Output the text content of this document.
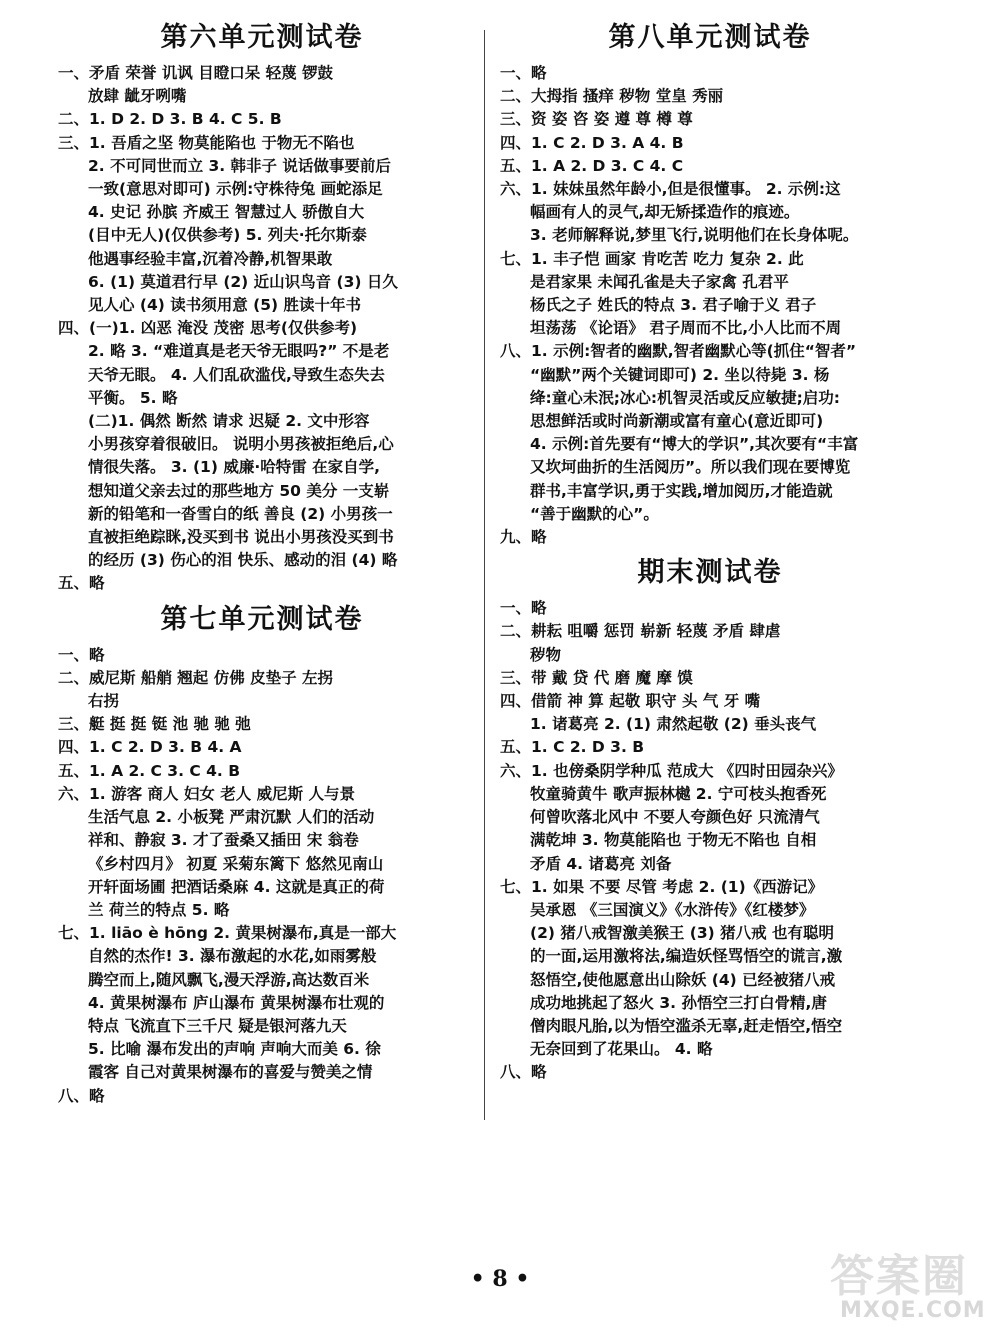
第六单元测试卷
一、矛盾 荣誉 讥讽 目瞪口呆 轻蔑 锣鼓
放肆 龇牙咧嘴
二、1. D 2. D 3. B 4. C 5. B
三、1. 吾盾之坚 物莫能陷也 于物无不陷也
2. 不可同世而立 3. 韩非子 说话做事要前后
一致(意思对即可) 示例:守株待兔 画蛇添足
4. 史记 孙膑 齐威王 智慧过人 骄傲自大
(目中无人)(仅供参考) 5. 列夫·托尔斯泰
他遇事经验丰富,沉着冷静,机智果敢
6. (1) 莫道君行早 (2) 近山识鸟音 (3) 日久
见人心 (4) 读书须用意 (5) 胜读十年书
四、(一)1. 凶恶 淹没 茂密 思考(仅供参考)
2. 略 3. “难道真是老天爷无眼吗?” 不是老
天爷无眼。 4. 人们乱砍滥伐,导致生态失去
平衡。 5. 略
(二)1. 偶然 断然 请求 迟疑 2. 文中形容
小男孩穿着很破旧。 说明小男孩被拒绝后,心
情很失落。 3. (1) 威廉·哈特雷 在家自学,
想知道父亲去过的那些地方 50 美分 一支崭
新的铅笔和一沓雪白的纸 善良 (2) 小男孩一
直被拒绝踪眯,没买到书 说出小男孩没买到书
的经历 (3) 伤心的泪 快乐、感动的泪 (4) 略
五、略
第七单元测试卷
一、略
二、威尼斯 船艄 翘起 仿佛 皮垫子 左拐
右拐
三、艇 挺 挺 铤 池 驰 驰 弛
四、1. C 2. D 3. B 4. A
五、1. A 2. C 3. C 4. B
六、1. 游客 商人 妇女 老人 威尼斯 人与景
生活气息 2. 小板凳 严肃沉默 人们的活动
祥和、静寂 3. 才了蚕桑又插田 宋 翁卷
《乡村四月》 初夏 采菊东篱下 悠然见南山
开轩面场圃 把酒话桑麻 4. 这就是真正的荷
兰 荷兰的特点 5. 略
七、1. liāo è hōng 2. 黄果树瀑布,真是一部大
自然的杰作! 3. 瀑布激起的水花,如雨雾般
腾空而上,随风飘飞,漫天浮游,高达数百米
4. 黄果树瀑布 庐山瀑布 黄果树瀑布壮观的
特点 飞流直下三千尺 疑是银河落九天
5. 比喻 瀑布发出的声响 声响大而美 6. 徐
霞客 自己对黄果树瀑布的喜爱与赞美之情
八、略
第八单元测试卷
一、略
二、大拇指 搔痒 秽物 堂皇 秀丽
三、资 姿 咨 姿 遵 尊 樽 尊
四、1. C 2. D 3. A 4. B
五、1. A 2. D 3. C 4. C
六、1. 妹妹虽然年龄小,但是很懂事。 2. 示例:这
幅画有人的灵气,却无矫揉造作的痕迹。
3. 老师解释说,梦里飞行,说明他们在长身体呢。
七、1. 丰子恺 画家 肯吃苦 吃力 复杂 2. 此
是君家果 未闻孔雀是夫子家禽 孔君平
杨氏之子 姓氏的特点 3. 君子喻于义 君子
坦荡荡 《论语》 君子周而不比,小人比而不周
八、1. 示例:智者的幽默,智者幽默心等(抓住“智者”
“幽默”两个关键词即可) 2. 坐以待毙 3. 杨
绛:童心未泯;冰心:机智灵活或反应敏捷;启功:
思想鲜活或时尚新潮或富有童心(意近即可)
4. 示例:首先要有“博大的学识”,其次要有“丰富
又坎坷曲折的生活阅历”。所以我们现在要博览
群书,丰富学识,勇于实践,增加阅历,才能造就
“善于幽默的心”。
九、略
期末测试卷
一、略
二、耕耘 咀嚼 惩罚 崭新 轻蔑 矛盾 肆虐
秽物
三、带 戴 贷 代 磨 魔 摩 馍
四、借箭 神 算 起敬 职守 头 气 牙 嘴
1. 诸葛亮 2. (1) 肃然起敬 (2) 垂头丧气
五、1. C 2. D 3. B
六、1. 也傍桑阴学种瓜 范成大 《四时田园杂兴》
牧童骑黄牛 歌声振林樾 2. 宁可枝头抱香死
何曾吹落北风中 不要人夸颜色好 只流清气
满乾坤 3. 物莫能陷也 于物无不陷也 自相
矛盾 4. 诸葛亮 刘备
七、1. 如果 不要 尽管 考虑 2. (1)《西游记》
吴承恩 《三国演义》《水浒传》《红楼梦》
(2) 猪八戒智激美猴王 (3) 猪八戒 也有聪明
的一面,运用激将法,编造妖怪骂悟空的谎言,激
怒悟空,使他愿意出山除妖 (4) 已经被猪八戒
成功地挑起了怒火 3. 孙悟空三打白骨精,唐
僧肉眼凡胎,以为悟空滥杀无辜,赶走悟空,悟空
无奈回到了花果山。 4. 略
八、略
• 8 •	答案圈
MXQE.COM
